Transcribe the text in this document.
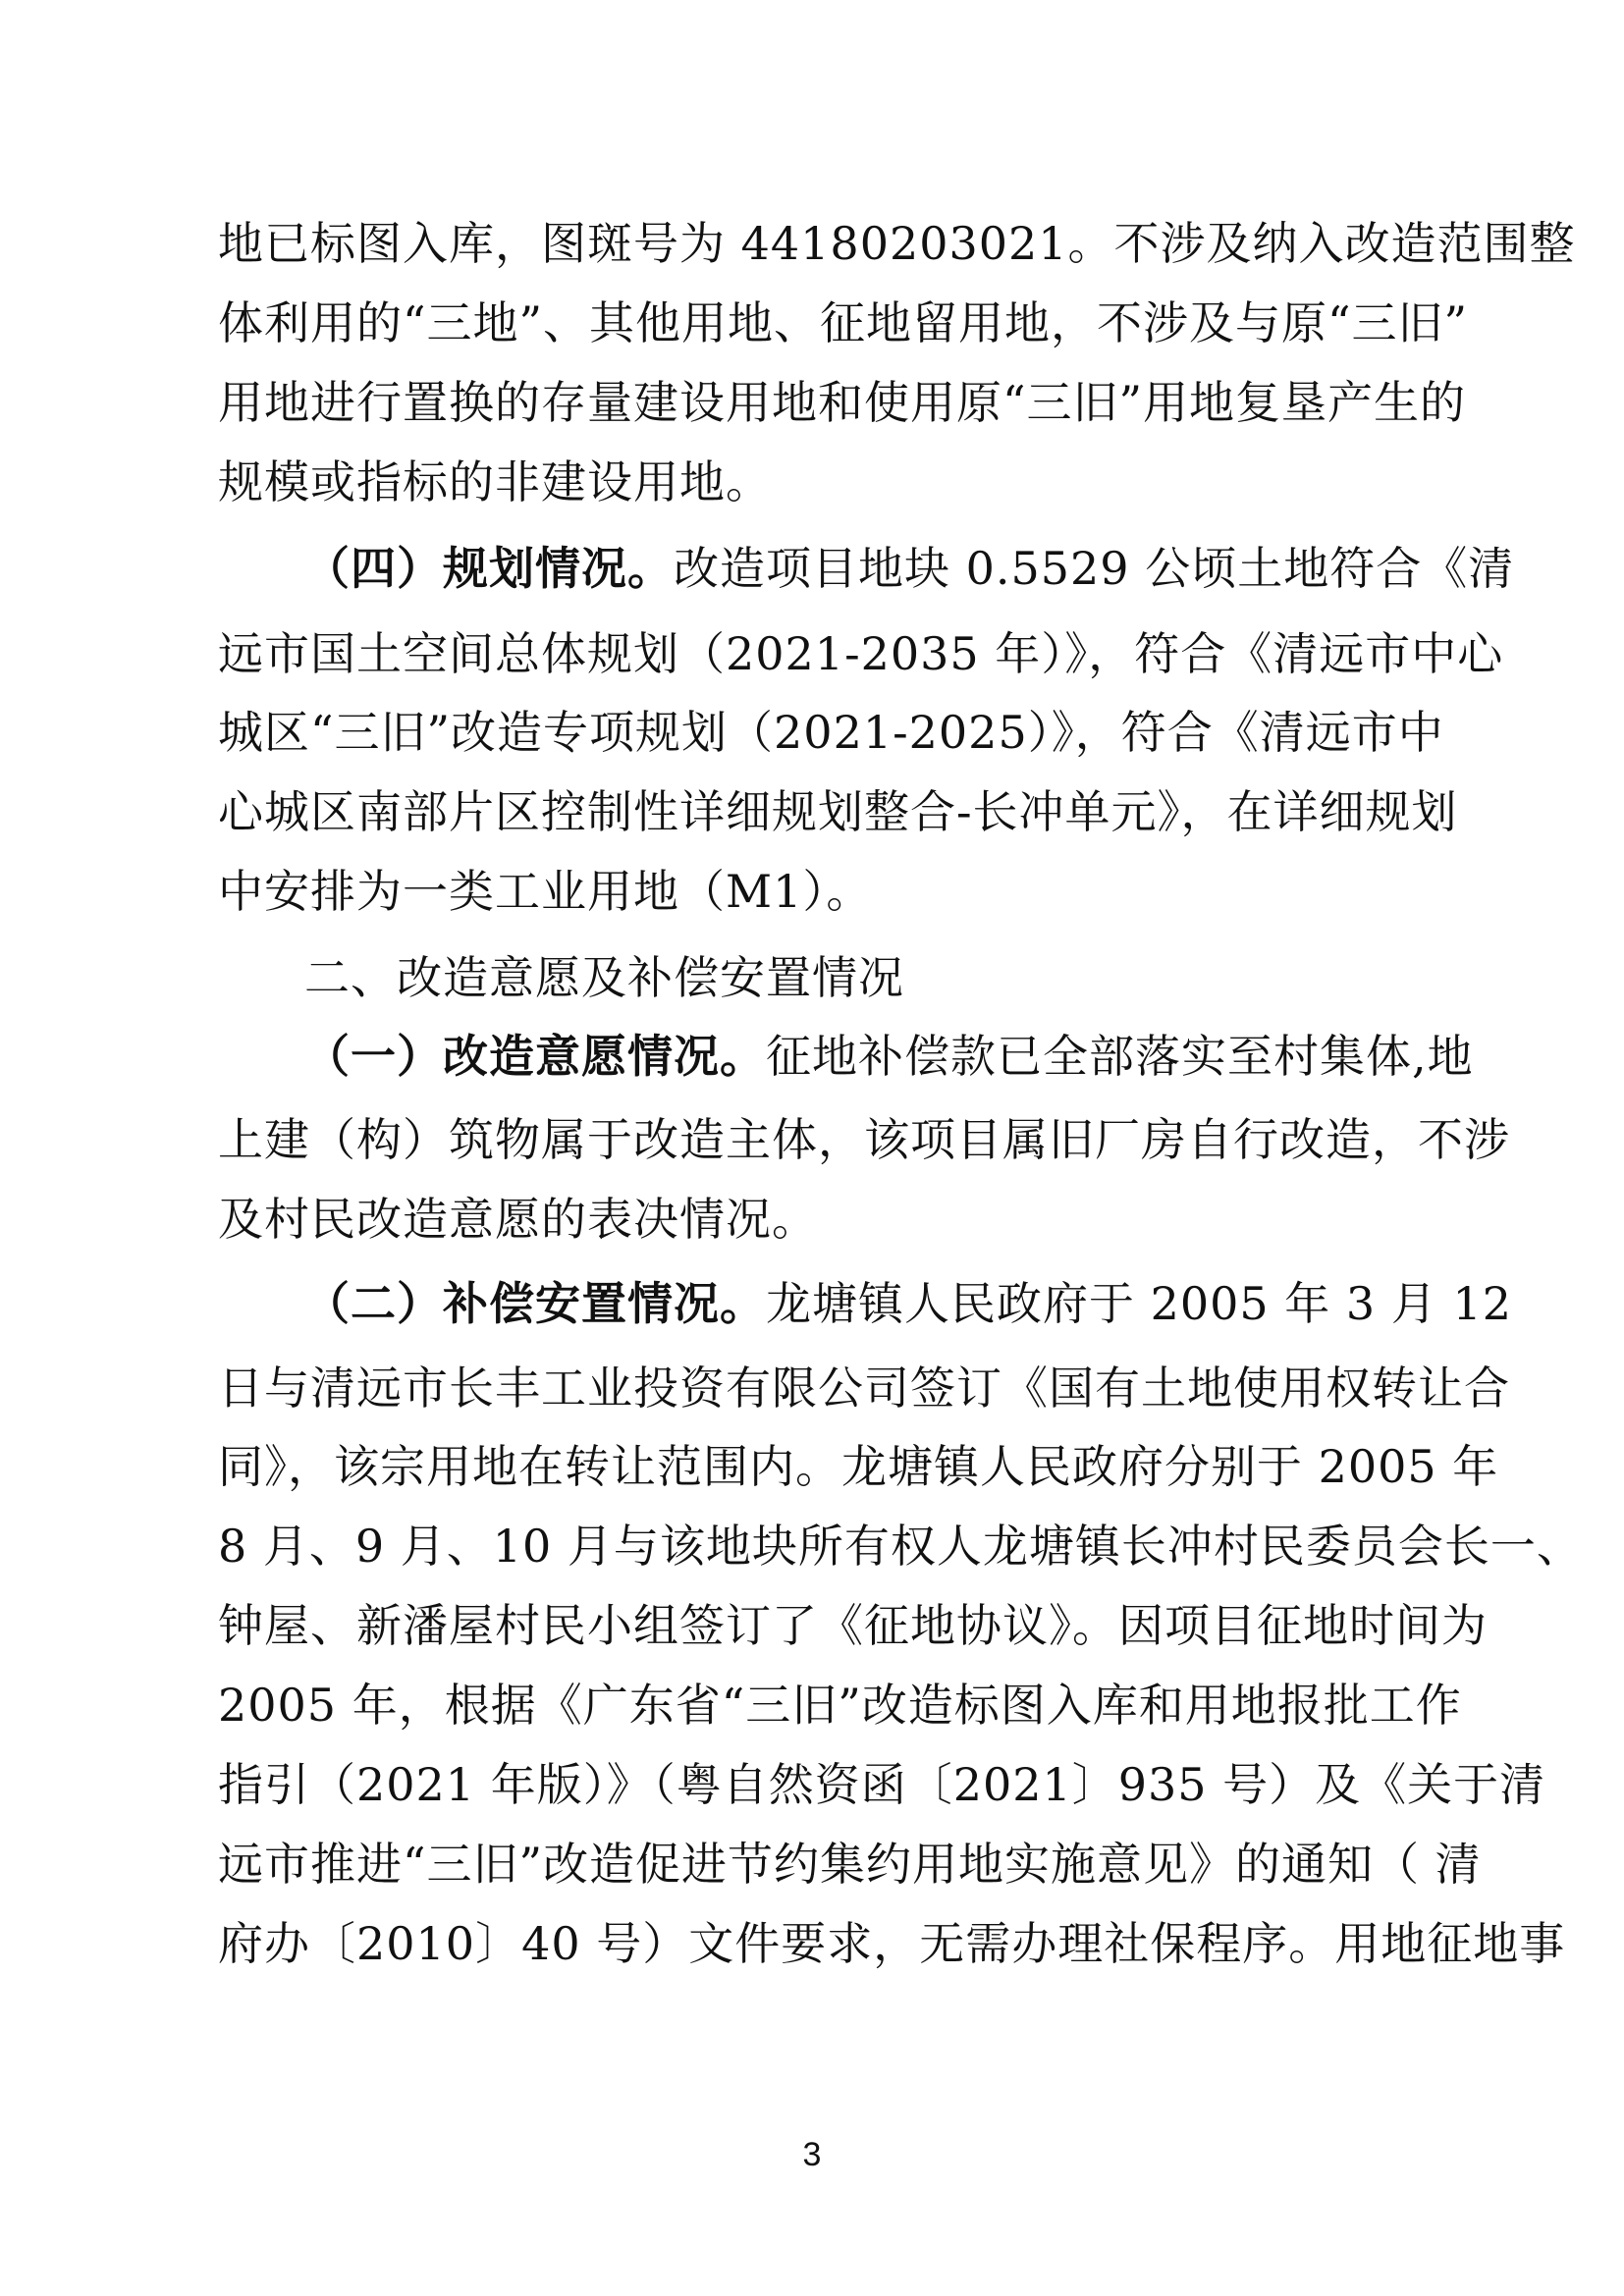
地已标图入库，图斑号为 44180203021。不涉及纳入改造范围整
体利用的“三地”、其他用地、征地留用地，不涉及与原“三旧”
用地进行置换的存量建设用地和使用原“三旧”用地复垦产生的
规模或指标的非建设用地。
（四）规划情况。改造项目地块 0.5529 公顷土地符合《清
远市国土空间总体规划（2021-2035 年）》，符合《清远市中心
城区“三旧”改造专项规划（2021-2025）》，符合《清远市中
心城区南部片区控制性详细规划整合-长冲单元》，在详细规划
中安排为一类工业用地（M1）。
二、改造意愿及补偿安置情况
（一）改造意愿情况。征地补偿款已全部落实至村集体,地
上建（构）筑物属于改造主体，该项目属旧厂房自行改造，不涉
及村民改造意愿的表决情况。
（二）补偿安置情况。龙塘镇人民政府于 2005 年 3 月 12
日与清远市长丰工业投资有限公司签订《国有土地使用权转让合
同》，该宗用地在转让范围内。龙塘镇人民政府分别于 2005 年
8 月、9 月、10 月与该地块所有权人龙塘镇长冲村民委员会长一、
钟屋、新潘屋村民小组签订了《征地协议》。因项目征地时间为
2005 年，根据《广东省“三旧”改造标图入库和用地报批工作
指引（2021 年版）》（粤自然资函〔2021〕935 号）及《关于清
远市推进“三旧”改造促进节约集约用地实施意见》的通知（ 清
府办〔2010〕40 号）文件要求，无需办理社保程序。用地征地事
3
